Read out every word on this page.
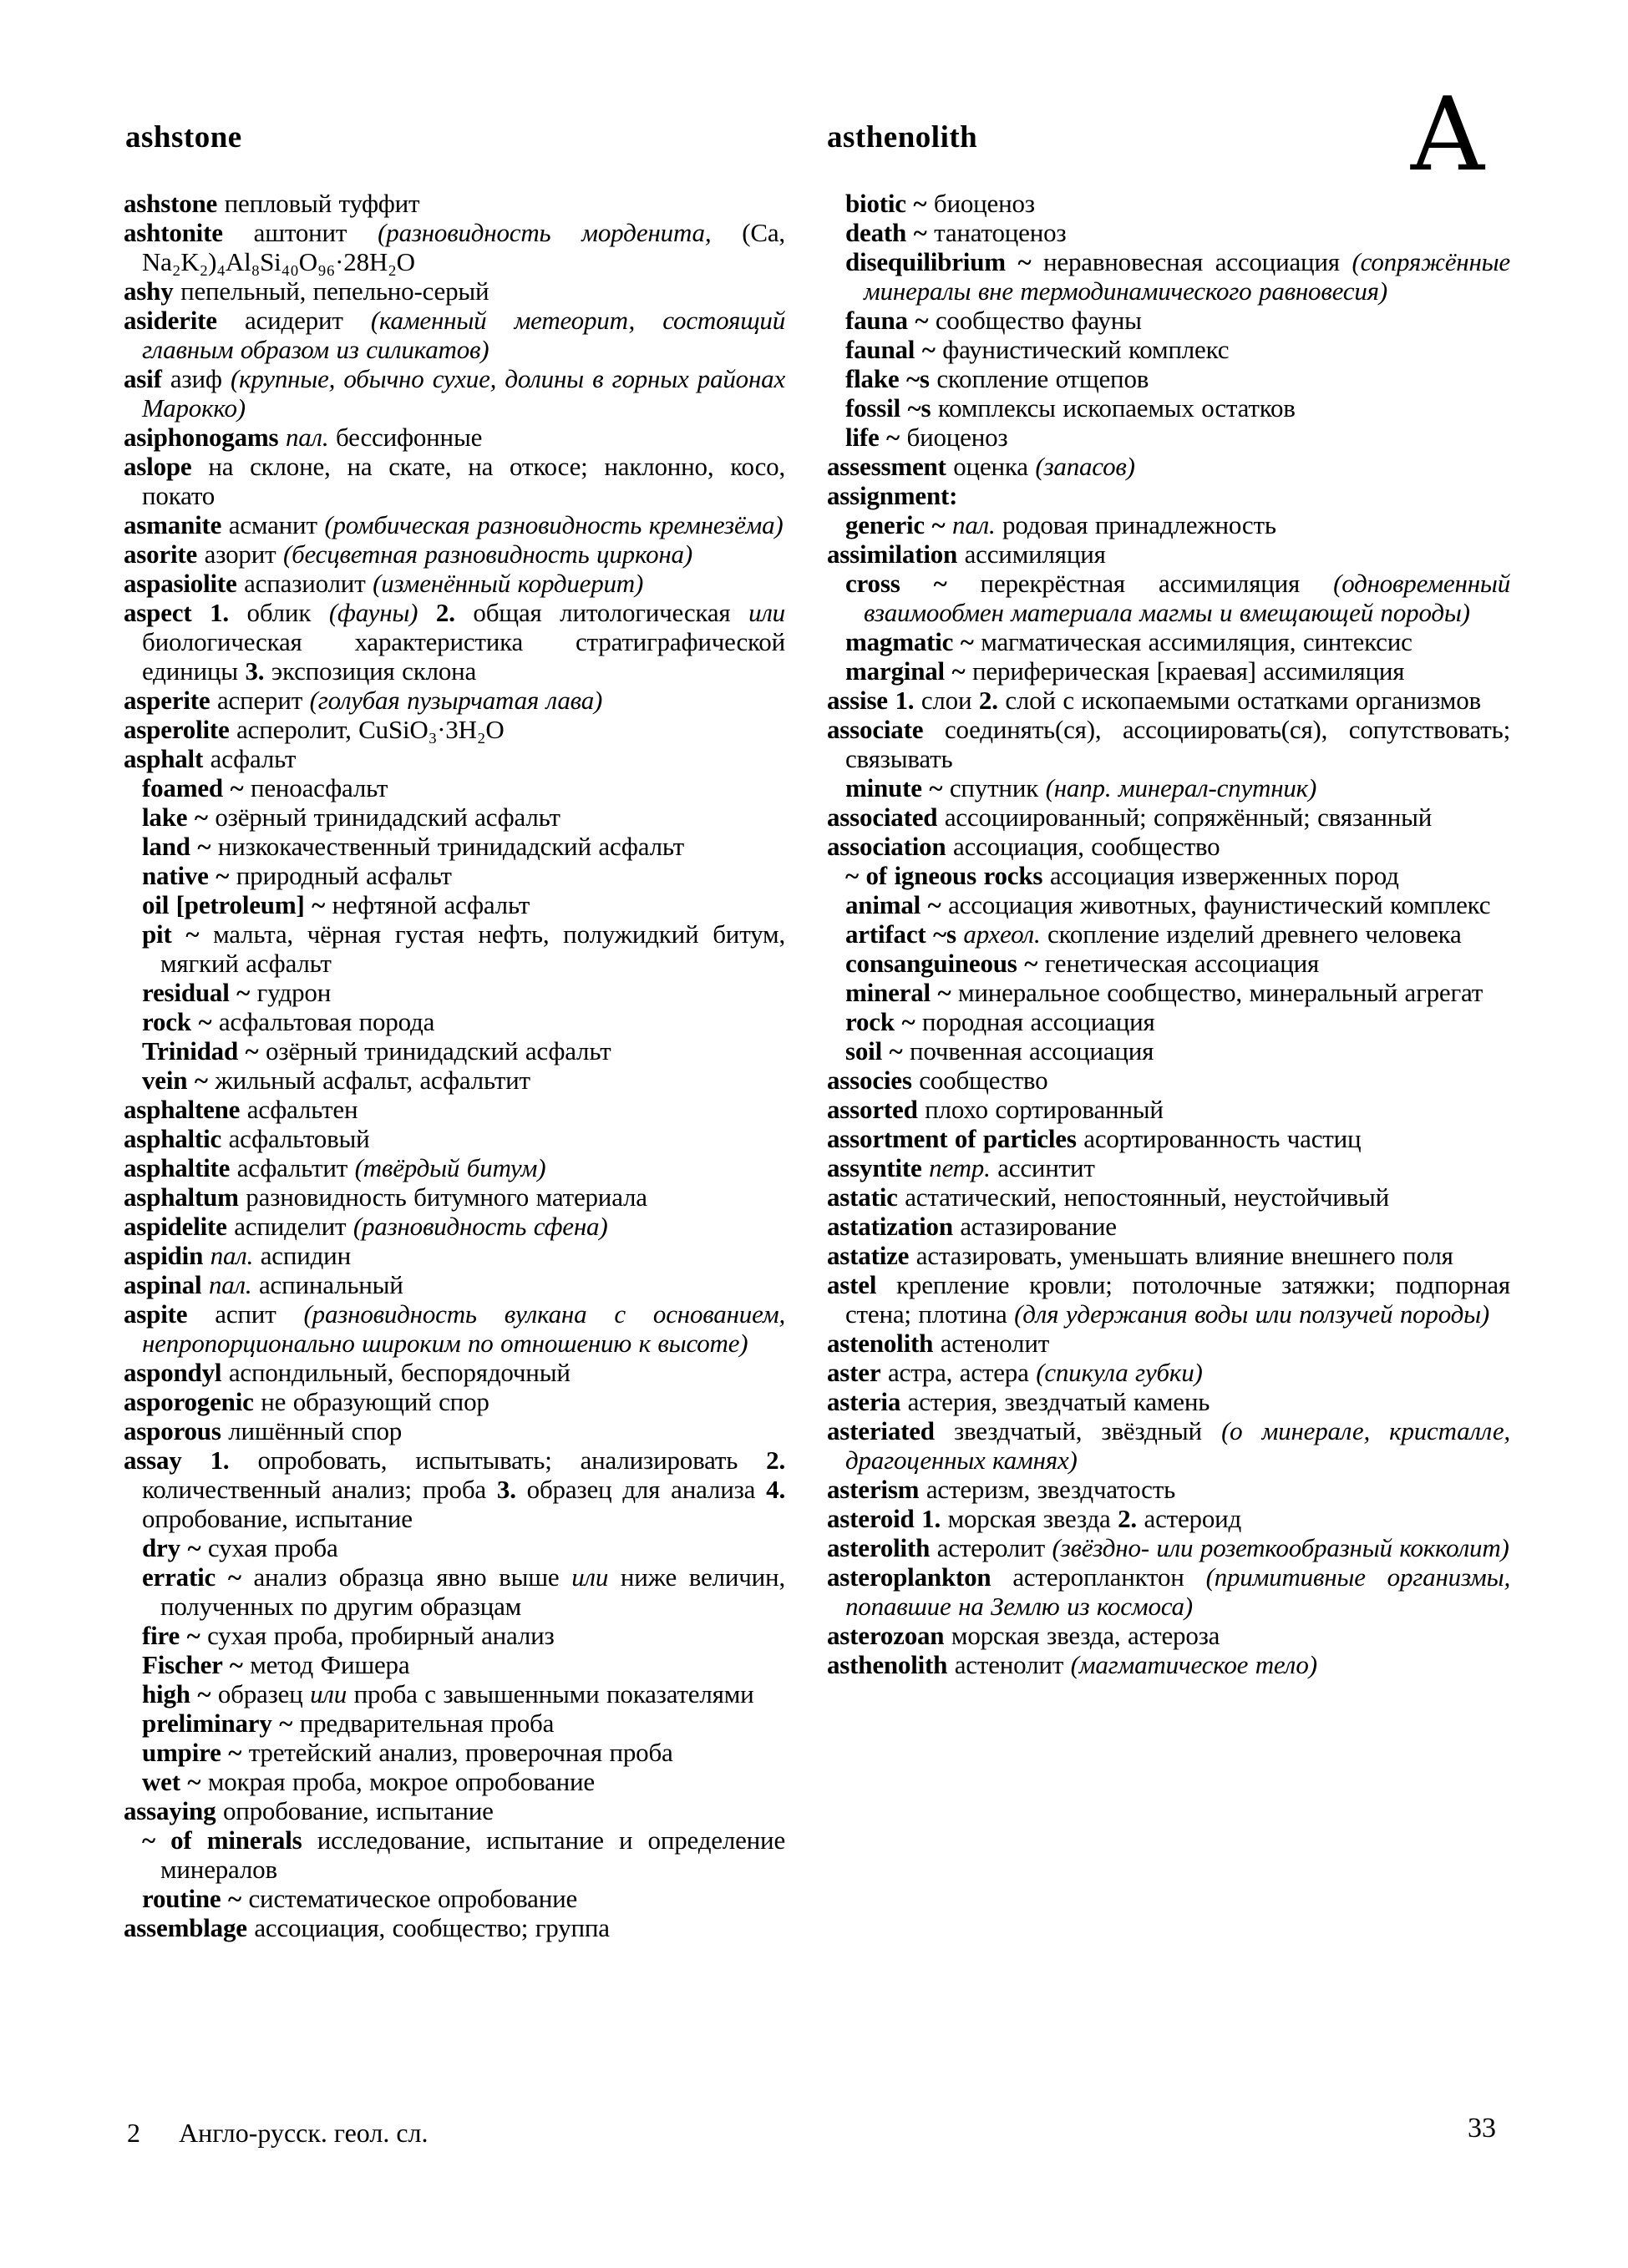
ashstone	asthenolith	A

ashstone пепловый туффит

ashtonite аштонит (разновидность морденита, (Ca, Na₂K₂)₄Al₈Si₄₀O₉₆·28H₂O

ashy пепельный, пепельно-серый

asiderite асидерит (каменный метеорит, состоящий главным образом из силикатов)

asif азиф (крупные, обычно сухие, долины в горных районах Марокко)

asiphonogams пал. бессифонные

aslope на склоне, на скате, на откосе; наклонно, косо, покато

asmanite асманит (ромбическая разновидность кремнезёма)

asorite азорит (бесцветная разновидность циркона)

aspasiolite аспазиолит (изменённый кордиерит)

aspect 1. облик (фауны) 2. общая литологическая или биологическая характеристика стратиграфической единицы 3. экспозиция склона

asperite асперит (голубая пузырчатая лава)

asperolite асперолит, CuSiO₃·3H₂O

asphalt асфальт

foamed ~ пеноасфальт

lake ~ озёрный тринидадский асфальт

land ~ низкокачественный тринидадский асфальт

native ~ природный асфальт

oil [petroleum] ~ нефтяной асфальт

pit ~ мальта, чёрная густая нефть, полужидкий битум, мягкий асфальт

residual ~ гудрон

rock ~ асфальтовая порода

Trinidad ~ озёрный тринидадский асфальт

vein ~ жильный асфальт, асфальтит

asphaltene асфальтен

asphaltic асфальтовый

asphaltite асфальтит (твёрдый битум)

asphaltum разновидность битумного материала

aspidelite аспиделит (разновидность сфена)

aspidin пал. аспидин

aspinal пал. аспинальный

aspite аспит (разновидность вулкана с основанием, непропорционально широким по отношению к высоте)

aspondyl аспондильный, беспорядочный

asporogenic не образующий спор

asporous лишённый спор

assay 1. опробовать, испытывать; анализировать 2. количественный анализ; проба 3. образец для анализа 4. опробование, испытание

dry ~ сухая проба

erratic ~ анализ образца явно выше или ниже величин, полученных по другим образцам

fire ~ сухая проба, пробирный анализ

Fischer ~ метод Фишера

high ~ образец или проба с завышенными показателями

preliminary ~ предварительная проба

umpire ~ третейский анализ, проверочная проба

wet ~ мокрая проба, мокрое опробование

assaying опробование, испытание

~ of minerals исследование, испытание и определение минералов

routine ~ систематическое опробование

assemblage ассоциация, сообщество; группа

biotic ~ биоценоз

death ~ танатоценоз

disequilibrium ~ неравновесная ассоциация (сопряжённые минералы вне термодинамического равновесия)

fauna ~ сообщество фауны

faunal ~ фаунистический комплекс

flake ~s скопление отщепов

fossil ~s комплексы ископаемых остатков

life ~ биоценоз

assessment оценка (запасов)

assignment:

generic ~ пал. родовая принадлежность

assimilation ассимиляция

cross ~ перекрёстная ассимиляция (одновременный взаимообмен материала магмы и вмещающей породы)

magmatic ~ магматическая ассимиляция, синтексис

marginal ~ периферическая [краевая] ассимиляция

assise 1. слои 2. слой с ископаемыми остатками организмов

associate соединять(ся), ассоциировать(ся), сопутствовать; связывать

minute ~ спутник (напр. минерал-спутник)

associated ассоциированный; сопряжённый; связанный

association ассоциация, сообщество

~ of igneous rocks ассоциация изверженных пород

animal ~ ассоциация животных, фаунистический комплекс

artifact ~s археол. скопление изделий древнего человека

consanguineous ~ генетическая ассоциация

mineral ~ минеральное сообщество, минеральный агрегат

rock ~ породная ассоциация

soil ~ почвенная ассоциация

associes сообщество

assorted плохо сортированный

assortment of particles асортированность частиц

assyntite петр. ассинтит

astatic астатический, непостоянный, неустойчивый

astatization астазирование

astatize астазировать, уменьшать влияние внешнего поля

astel крепление кровли; потолочные затяжки; подпорная стена; плотина (для удержания воды или ползучей породы)

astenolith астенолит

aster астра, астера (спикула губки)

asteria астерия, звездчатый камень

asteriated звездчатый, звёздный (о минерале, кристалле, драгоценных камнях)

asterism астеризм, звездчатость

asteroid 1. морская звезда 2. астероид

asterolith астеролит (звёздно- или розеткообразный кокколит)

asteroplankton астеропланктон (примитивные организмы, попавшие на Землю из космоса)

asterozoan морская звезда, астероза

asthenolith астенолит (магматическое тело)

2 Англо-русск. геол. сл.	33
